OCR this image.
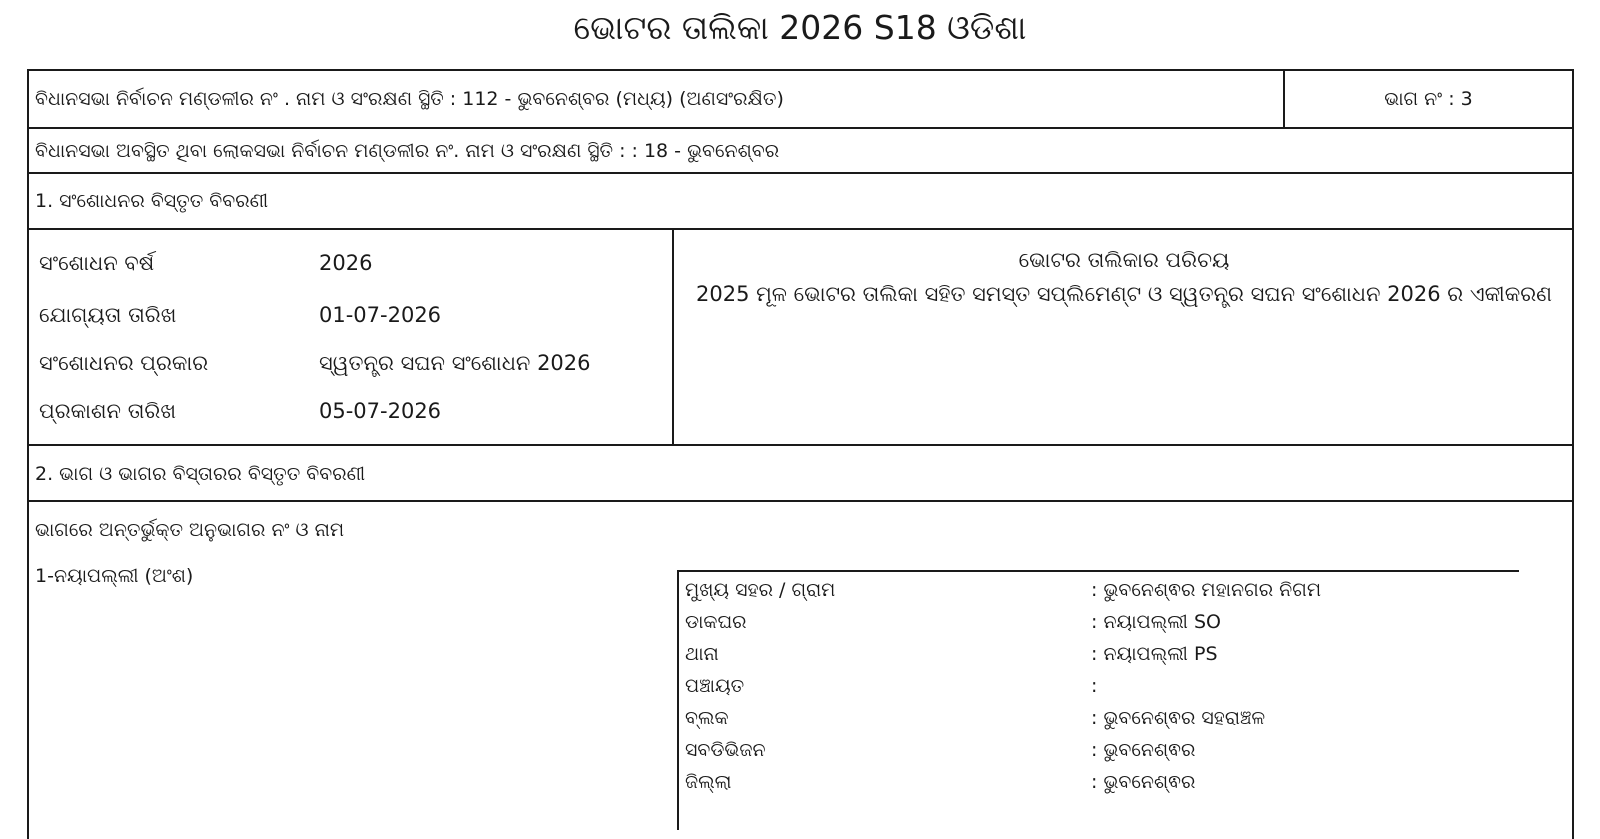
ଭୋଟର ତାଲିକା 2026 S18 ଓଡିଶା
ବିଧାନସଭା ନିର୍ବାଚନ ମଣ୍ଡଳୀର ନଂ . ନାମ ଓ ସଂରକ୍ଷଣ ସ୍ଥିତି : 112 - ଭୁବନେଶ୍ବର (ମଧ୍ୟ) (ଅଣସଂରକ୍ଷିତ)	ଭାଗ ନଂ : 3
ବିଧାନସଭା ଅବସ୍ଥିତ ଥିବା ଲୋକସଭା ନିର୍ବାଚନ ମଣ୍ଡଳୀର ନଂ. ନାମ ଓ ସଂରକ୍ଷଣ ସ୍ଥିତି : : 18 - ଭୁବନେଶ୍ବର
1. ସଂଶୋଧନର ବିସ୍ତୃତ ବିବରଣୀ
ସଂଶୋଧନ ବର୍ଷ	2026
ଯୋଗ୍ୟତା ତାରିଖ	01-07-2026
ସଂଶୋଧନର ପ୍ରକାର	ସ୍ୱତନ୍ତ୍ର ସଘନ ସଂଶୋଧନ 2026
ପ୍ରକାଶନ ତାରିଖ	05-07-2026
ଭୋଟର ତାଲିକାର ପରିଚୟ
2025 ମୂଳ ଭୋଟର ତାଲିକା ସହିତ ସମସ୍ତ ସପ୍ଲିମେଣ୍ଟ ଓ ସ୍ୱତନ୍ତ୍ର ସଘନ ସଂଶୋଧନ 2026 ର ଏକୀକରଣ
2. ଭାଗ ଓ ଭାଗର ବିସ୍ତାରର ବିସ୍ତୃତ ବିବରଣୀ
ଭାଗରେ ଅନ୍ତର୍ଭୁକ୍ତ ଅନୁଭାଗର ନଂ ଓ ନାମ
1-ନୟାପଲ୍ଲୀ (ଅଂଶ)
ମୁଖ୍ୟ ସହର / ଗ୍ରାମ	: ଭୁବନେଶ୍ଵର ମହାନଗର ନିଗମ
ଡାକଘର	: ନୟାପଲ୍ଲୀ SO
ଥାନା	: ନୟାପଲ୍ଲୀ PS
ପଞ୍ଚାୟତ	:
ବ୍ଲକ	: ଭୁବନେଶ୍ଵର ସହରାଞ୍ଚଳ
ସବଡିଭିଜନ	: ଭୁବନେଶ୍ଵର
ଜିଲ୍ଲା	: ଭୁବନେଶ୍ଵର
